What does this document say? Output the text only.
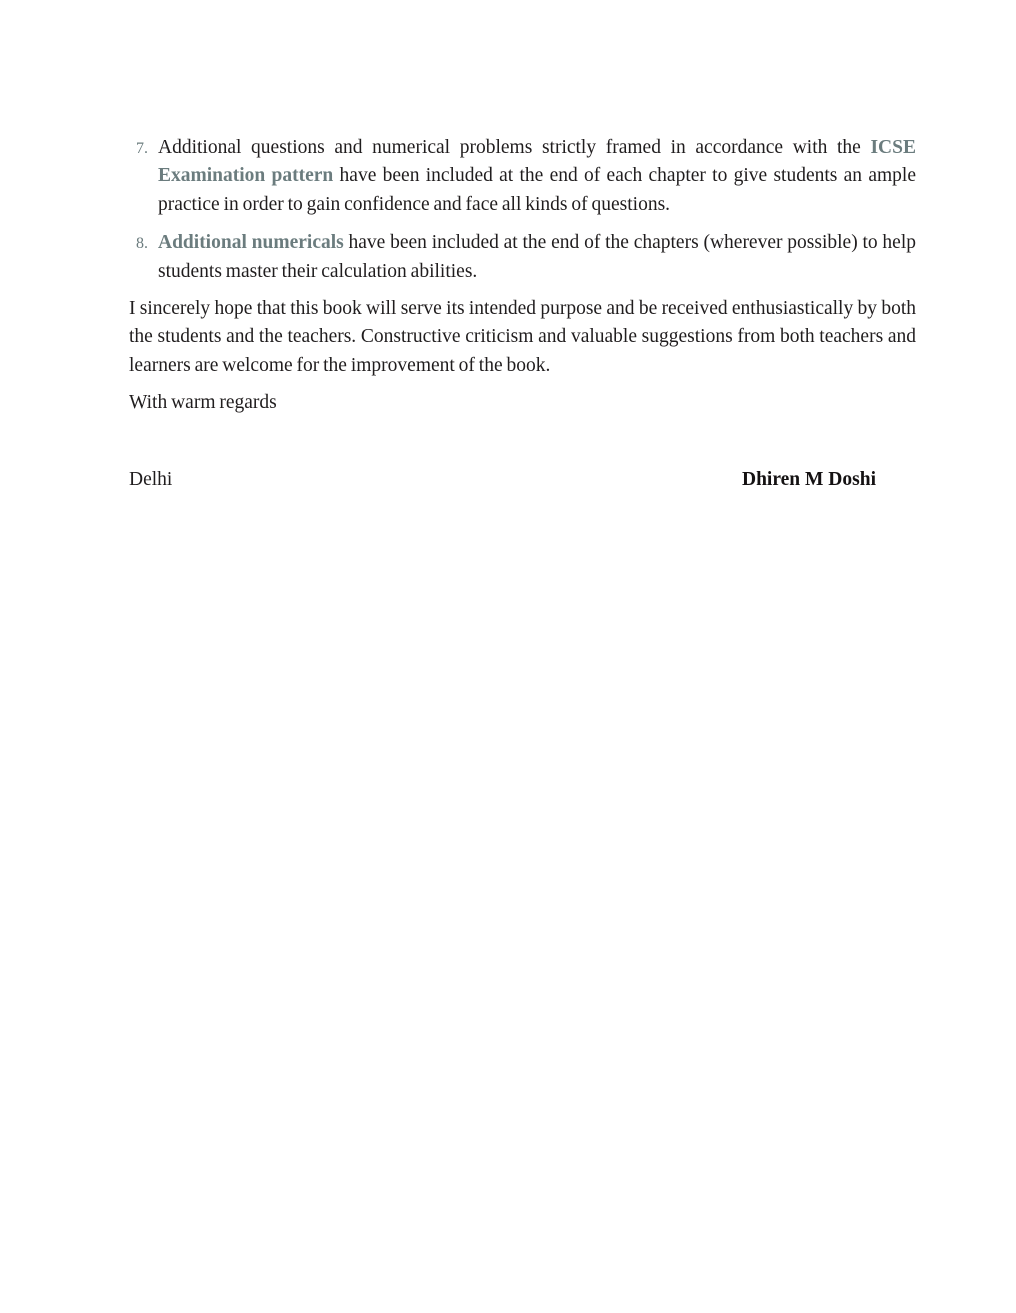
7. Additional questions and numerical problems strictly framed in accordance with the ICSE Examination pattern have been included at the end of each chapter to give students an ample practice in order to gain confidence and face all kinds of questions.
8. Additional numericals have been included at the end of the chapters (wherever possible) to help students master their calculation abilities.

I sincerely hope that this book will serve its intended purpose and be received enthusiastically by both the students and the teachers. Constructive criticism and valuable suggestions from both teachers and learners are welcome for the improvement of the book.

With warm regards

Delhi	Dhiren M Doshi
